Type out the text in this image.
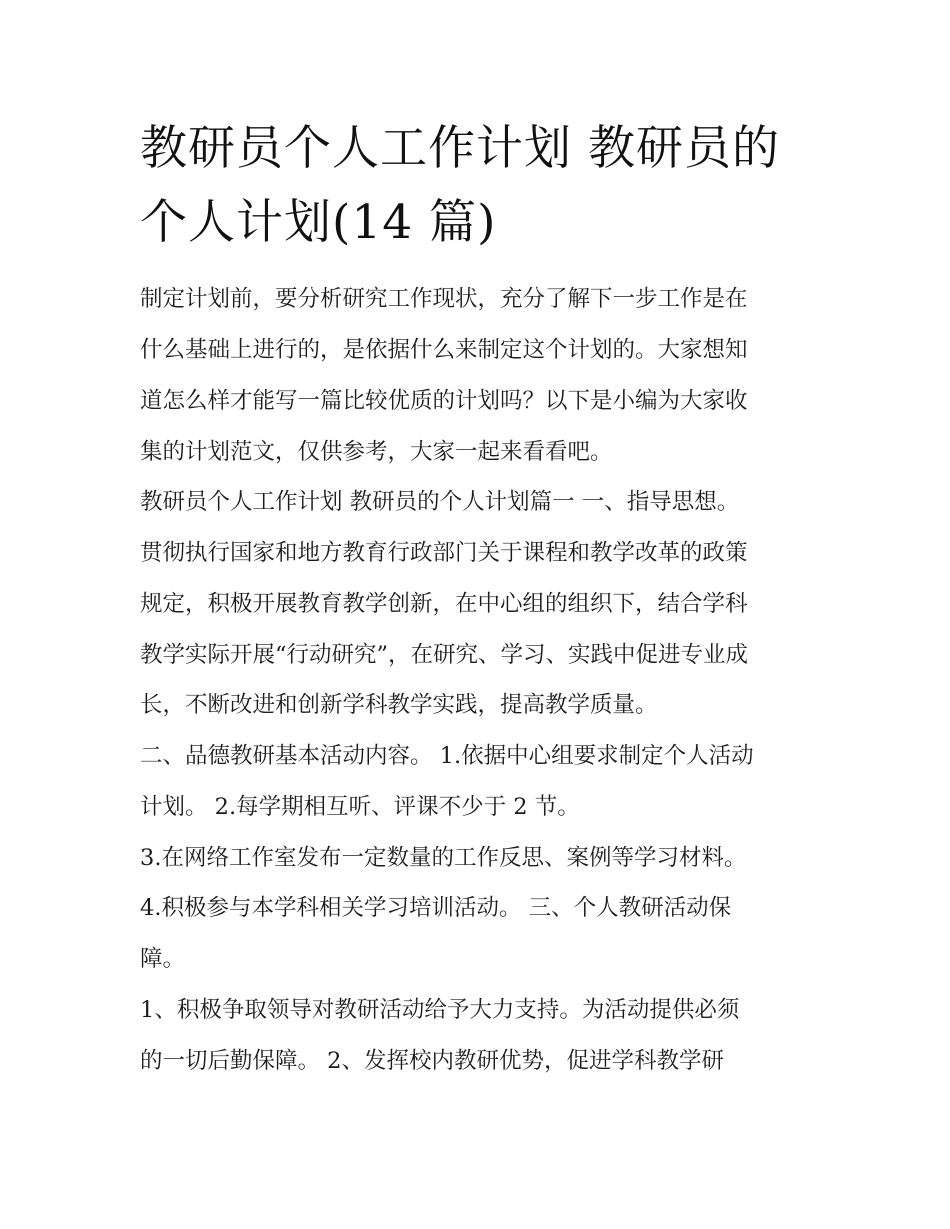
教研员个人工作计划 教研员的
个人计划(14 篇)

制定计划前，要分析研究工作现状，充分了解下一步工作是在

什么基础上进行的，是依据什么来制定这个计划的。大家想知

道怎么样才能写一篇比较优质的计划吗？以下是小编为大家收

集的计划范文，仅供参考，大家一起来看看吧。

教研员个人工作计划 教研员的个人计划篇一 一、指导思想。

贯彻执行国家和地方教育行政部门关于课程和教学改革的政策

规定，积极开展教育教学创新，在中心组的组织下，结合学科

教学实际开展“行动研究”，在研究、学习、实践中促进专业成

长，不断改进和创新学科教学实践，提高教学质量。

二、品德教研基本活动内容。 1.依据中心组要求制定个人活动

计划。 2.每学期相互听、评课不少于 2 节。

3.在网络工作室发布一定数量的工作反思、案例等学习材料。

4.积极参与本学科相关学习培训活动。 三、个人教研活动保

障。

1、积极争取领导对教研活动给予大力支持。为活动提供必须

的一切后勤保障。 2、发挥校内教研优势，促进学科教学研
